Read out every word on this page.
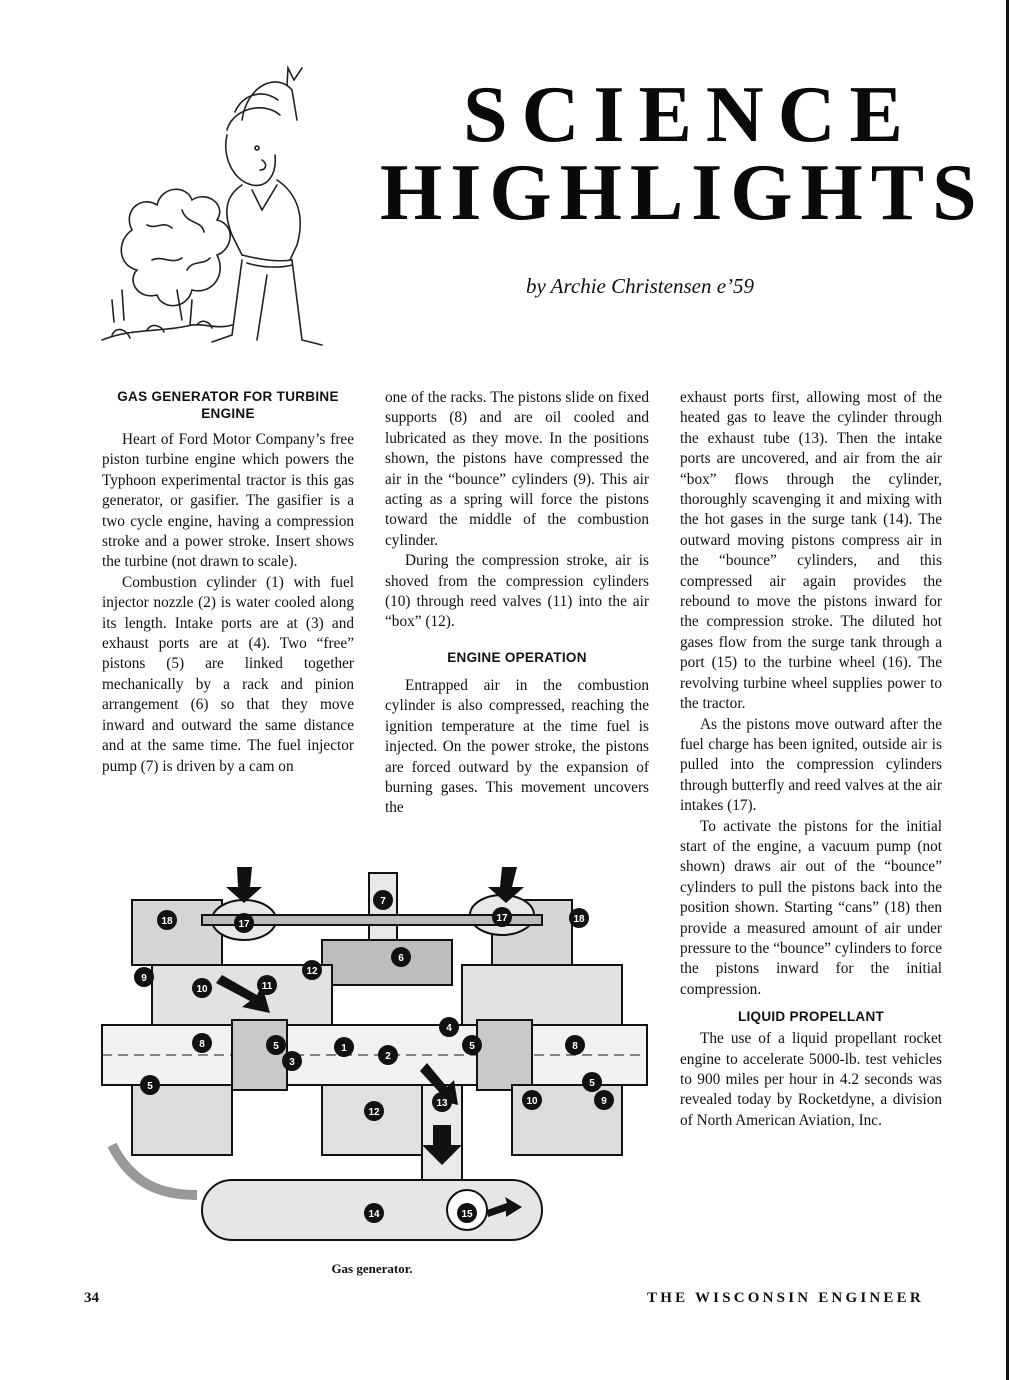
SCIENCE
HIGHLIGHTS
by Archie Christensen e’59
GAS GENERATOR FOR TURBINE ENGINE

Heart of Ford Motor Company’s free piston turbine engine which powers the Typhoon experimental tractor is this gas generator, or gasifier. The gasifier is a two cycle engine, having a compression stroke and a power stroke. Insert shows the turbine (not drawn to scale).

Combustion cylinder (1) with fuel injector nozzle (2) is water cooled along its length. Intake ports are at (3) and exhaust ports are at (4). Two “free” pistons (5) are linked together mechanically by a rack and pinion arrangement (6) so that they move inward and outward the same distance and at the same time. The fuel injector pump (7) is driven by a cam on

one of the racks. The pistons slide on fixed supports (8) and are oil cooled and lubricated as they move. In the positions shown, the pistons have compressed the air in the “bounce” cylinders (9). This air acting as a spring will force the pistons toward the middle of the combustion cylinder.

During the compression stroke, air is shoved from the compression cylinders (10) through reed valves (11) into the air “box” (12).

ENGINE OPERATION

Entrapped air in the combustion cylinder is also compressed, reaching the ignition temperature at the time fuel is injected. On the power stroke, the pistons are forced outward by the expansion of burning gases. This movement uncovers the

exhaust ports first, allowing most of the heated gas to leave the cylinder through the exhaust tube (13). Then the intake ports are uncovered, and air from the air “box” flows through the cylinder, thoroughly scavenging it and mixing with the hot gases in the surge tank (14). The outward moving pistons compress air in the “bounce” cylinders, and this compressed air again provides the rebound to move the pistons inward for the compression stroke. The diluted hot gases flow from the surge tank through a port (15) to the turbine wheel (16). The revolving turbine wheel supplies power to the tractor.

As the pistons move outward after the fuel charge has been ignited, outside air is pulled into the compression cylinders through butterfly and reed valves at the air intakes (17).

To activate the pistons for the initial start of the engine, a vacuum pump (not shown) draws air out of the “bounce” cylinders to pull the pistons back into the position shown. Starting “cans” (18) then provide a measured amount of air under pressure to the “bounce” cylinders to force the pistons inward for the initial compression.

LIQUID PROPELLANT

The use of a liquid propellant rocket engine to accelerate 5000-lb. test vehicles to 900 miles per hour in 4.2 seconds was revealed today by Rocketdyne, a division of North American Aviation, Inc.

18	17
7
17	18
6
12
9
10	11
4
8	5	1
2
3
5	8
5
13
12
10
5
9
14	15
Gas generator.
34	THE WISCONSIN ENGINEER
